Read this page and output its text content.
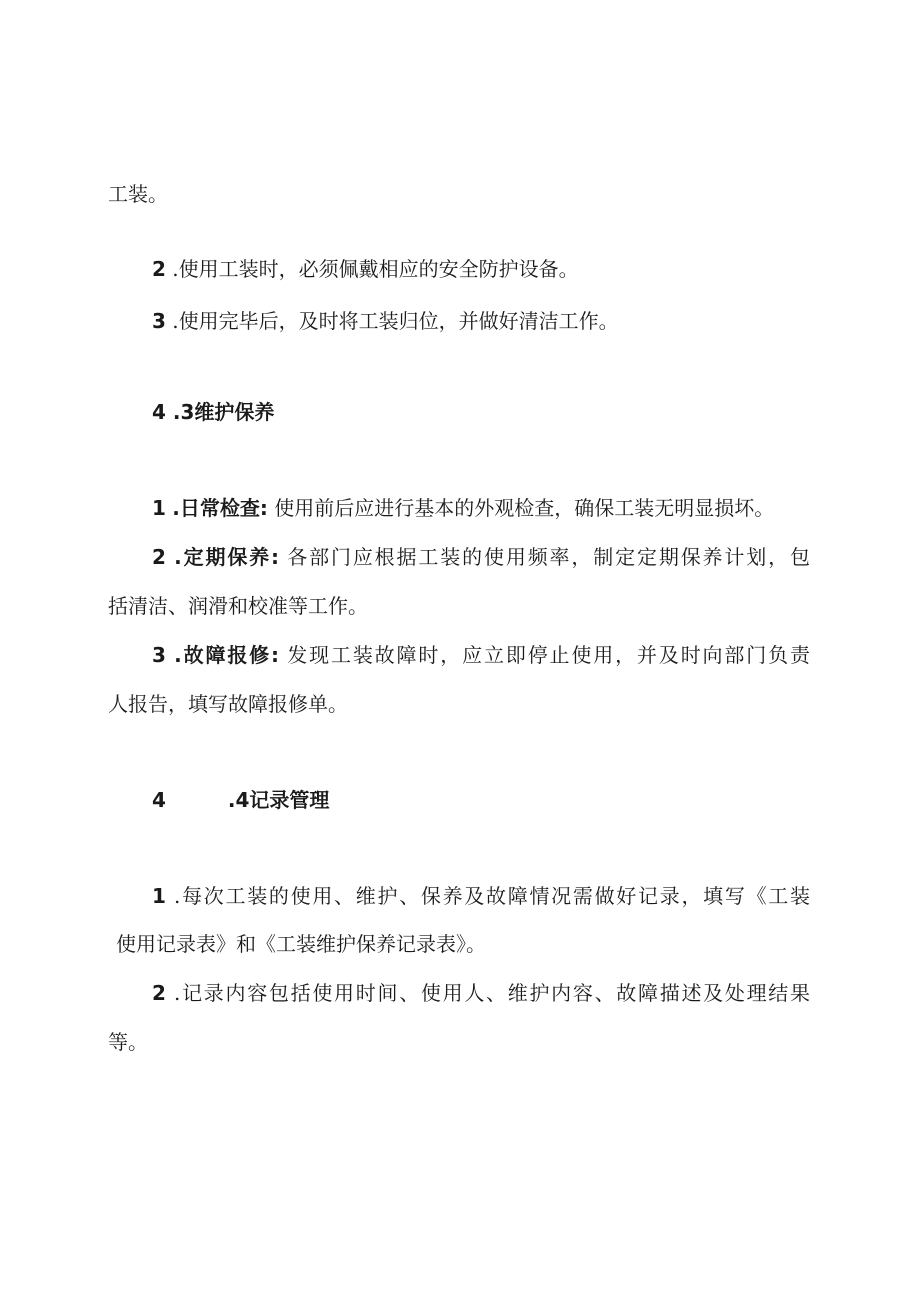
工装。
2 .使用工装时，必须佩戴相应的安全防护设备。
3 .使用完毕后，及时将工装归位，并做好清洁工作。
4 .3维护保养
1 .日常检查: 使用前后应进行基本的外观检查，确保工装无明显损坏。
2 .定期保养: 各部门应根据工装的使用频率，制定定期保养计划，包
括清洁、润滑和校准等工作。
3 .故障报修: 发现工装故障时，应立即停止使用，并及时向部门负责
人报告，填写故障报修单。
4	.4记录管理
1 .每次工装的使用、维护、保养及故障情况需做好记录，填写《工装
使用记录表》和《工装维护保养记录表》。
2 .记录内容包括使用时间、使用人、维护内容、故障描述及处理结果
等。
